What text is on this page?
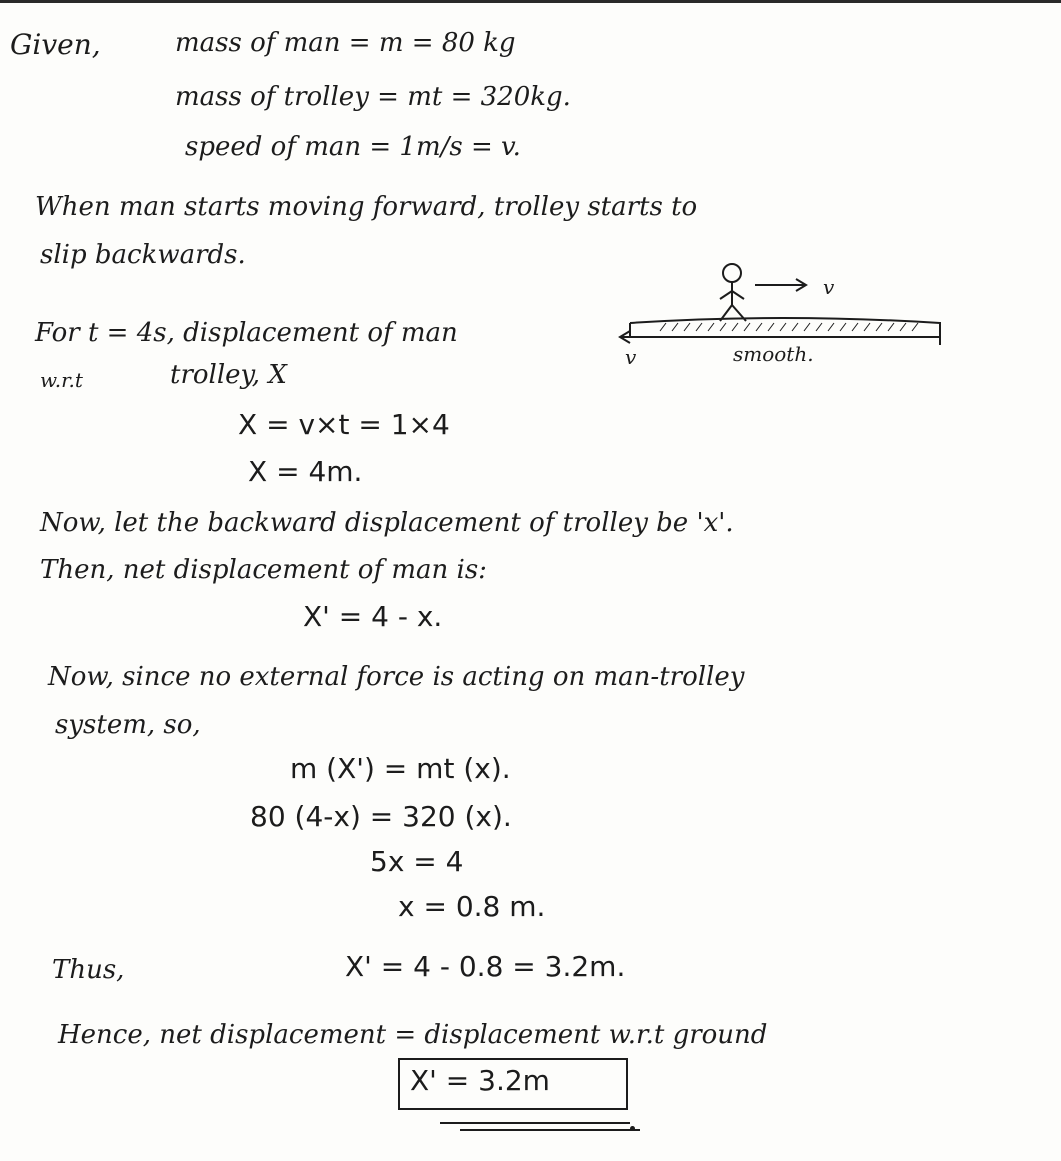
Given,	mass of man = m = 80 kg
mass of trolley = mt = 320kg.
speed of man = 1m/s = v.
When man starts moving forward, trolley starts to
slip backwards.
v
v	smooth.
For t = 4s, displacement of man
w.r.t	trolley, X
X = v×t = 1×4
X = 4m.
Now, let the backward displacement of trolley be 'x'.
Then, net displacement of man is:
X' = 4 - x.
Now, since no external force is acting on man-trolley
system, so,
m (X') = mt (x).
80 (4-x) = 320 (x).
5x = 4
x = 0.8 m.
Thus,	X' = 4 - 0.8 = 3.2m.
Hence, net displacement = displacement w.r.t ground
X' = 3.2m
